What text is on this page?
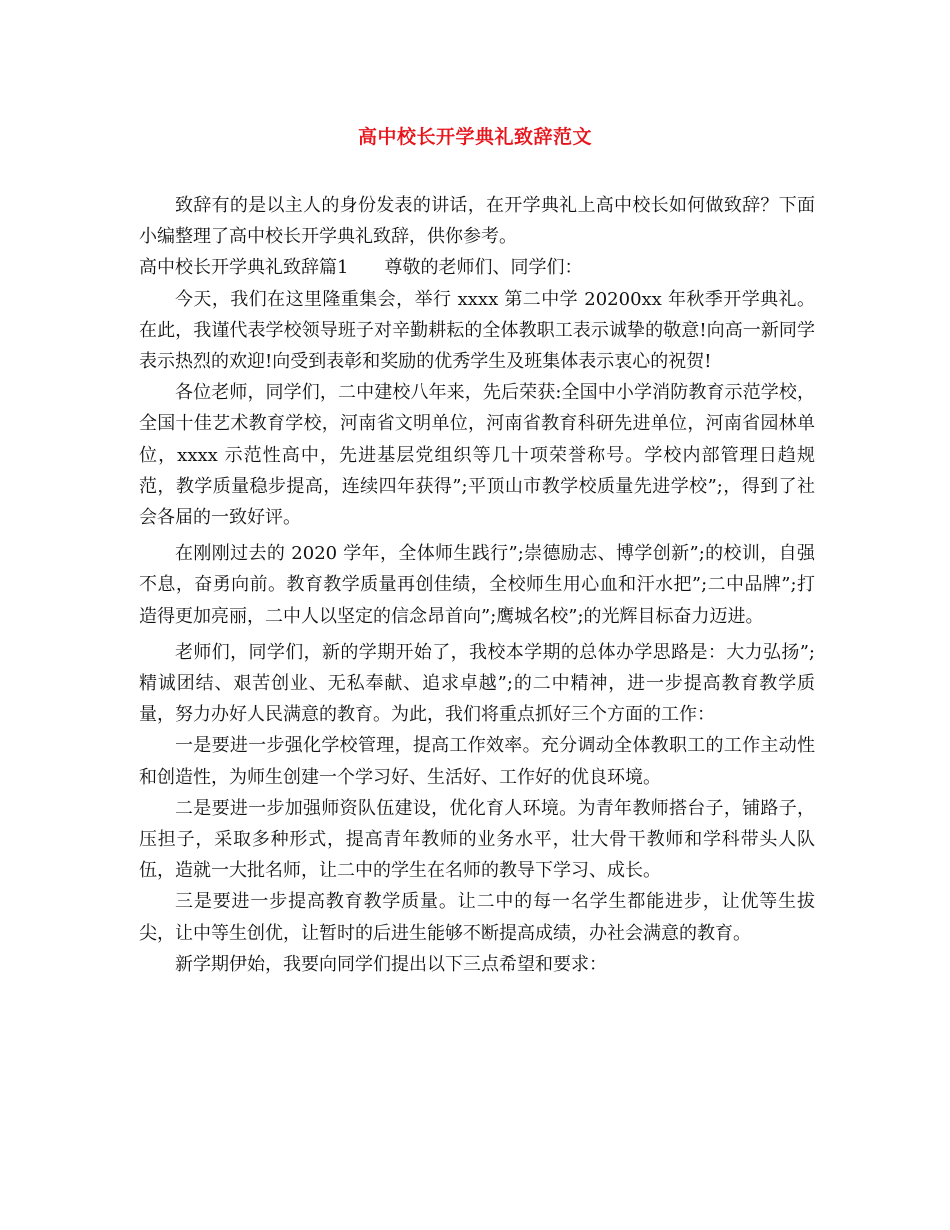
高中校长开学典礼致辞范文

致辞有的是以主人的身份发表的讲话，在开学典礼上高中校长如何做致辞？下面小编整理了高中校长开学典礼致辞，供你参考。

高中校长开学典礼致辞篇1　　尊敬的老师们、同学们：

今天，我们在这里隆重集会，举行 xxxx 第二中学 20200xx 年秋季开学典礼。在此，我谨代表学校领导班子对辛勤耕耘的全体教职工表示诚挚的敬意!向高一新同学表示热烈的欢迎!向受到表彰和奖励的优秀学生及班集体表示衷心的祝贺!

各位老师，同学们，二中建校八年来，先后荣获:全国中小学消防教育示范学校，全国十佳艺术教育学校，河南省文明单位，河南省教育科研先进单位，河南省园林单位，xxxx 示范性高中，先进基层党组织等几十项荣誉称号。学校内部管理日趋规范，教学质量稳步提高，连续四年获得”;平顶山市教学校质量先进学校”;，得到了社会各届的一致好评。

在刚刚过去的 2020 学年，全体师生践行”;崇德励志、博学创新”;的校训，自强不息，奋勇向前。教育教学质量再创佳绩，全校师生用心血和汗水把”;二中品牌”;打造得更加亮丽，二中人以坚定的信念昂首向”;鹰城名校”;的光辉目标奋力迈进。

老师们，同学们，新的学期开始了，我校本学期的总体办学思路是：大力弘扬”;精诚团结、艰苦创业、无私奉献、追求卓越”;的二中精神，进一步提高教育教学质量，努力办好人民满意的教育。为此，我们将重点抓好三个方面的工作：

一是要进一步强化学校管理，提高工作效率。充分调动全体教职工的工作主动性和创造性，为师生创建一个学习好、生活好、工作好的优良环境。

二是要进一步加强师资队伍建设，优化育人环境。为青年教师搭台子，铺路子，压担子，采取多种形式，提高青年教师的业务水平，壮大骨干教师和学科带头人队伍，造就一大批名师，让二中的学生在名师的教导下学习、成长。

三是要进一步提高教育教学质量。让二中的每一名学生都能进步，让优等生拔尖，让中等生创优，让暂时的后进生能够不断提高成绩，办社会满意的教育。

新学期伊始，我要向同学们提出以下三点希望和要求：
